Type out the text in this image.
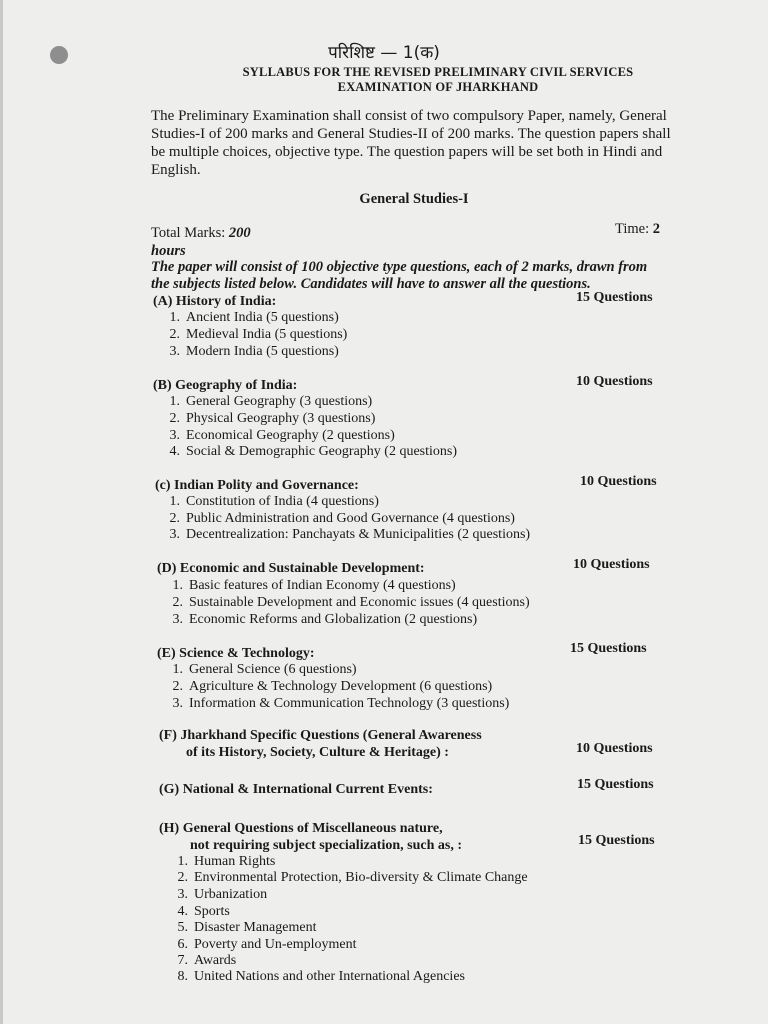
परिशिष्ट — 1(क)
SYLLABUS FOR THE REVISED PRELIMINARY CIVIL SERVICES
EXAMINATION OF JHARKHAND
The Preliminary Examination shall consist of two compulsory Paper, namely, General Studies-I of 200 marks and General Studies-II of 200 marks. The question papers shall be multiple choices, objective type. The question papers will be set both in Hindi and English.
General Studies-I
Total Marks: 200	Time: 2
hours
The paper will consist of 100 objective type questions, each of 2 marks, drawn from
the subjects listed below. Candidates will have to answer all the questions.
(A) History of India:	15 Questions
1. Ancient India (5 questions)
2. Medieval India (5 questions)
3. Modern India (5 questions)
(B) Geography of India:	10 Questions
1. General Geography (3 questions)
2. Physical Geography (3 questions)
3. Economical Geography (2 questions)
4. Social & Demographic Geography (2 questions)
(c) Indian Polity and Governance:	10 Questions
1. Constitution of India (4 questions)
2. Public Administration and Good Governance (4 questions)
3. Decentrealization: Panchayats & Municipalities (2 questions)
(D) Economic and Sustainable Development:	10 Questions
1. Basic features of Indian Economy (4 questions)
2. Sustainable Development and Economic issues (4 questions)
3. Economic Reforms and Globalization (2 questions)
(E) Science & Technology:	15 Questions
1. General Science (6 questions)
2. Agriculture & Technology Development (6 questions)
3. Information & Communication Technology (3 questions)
(F) Jharkhand Specific Questions (General Awareness
of its History, Society, Culture & Heritage) :	10 Questions
(G) National & International Current Events:	15 Questions
(H) General Questions of Miscellaneous nature,
not requiring subject specialization, such as, :	15 Questions
1. Human Rights
2. Environmental Protection, Bio-diversity & Climate Change
3. Urbanization
4. Sports
5. Disaster Management
6. Poverty and Un-employment
7. Awards
8. United Nations and other International Agencies
